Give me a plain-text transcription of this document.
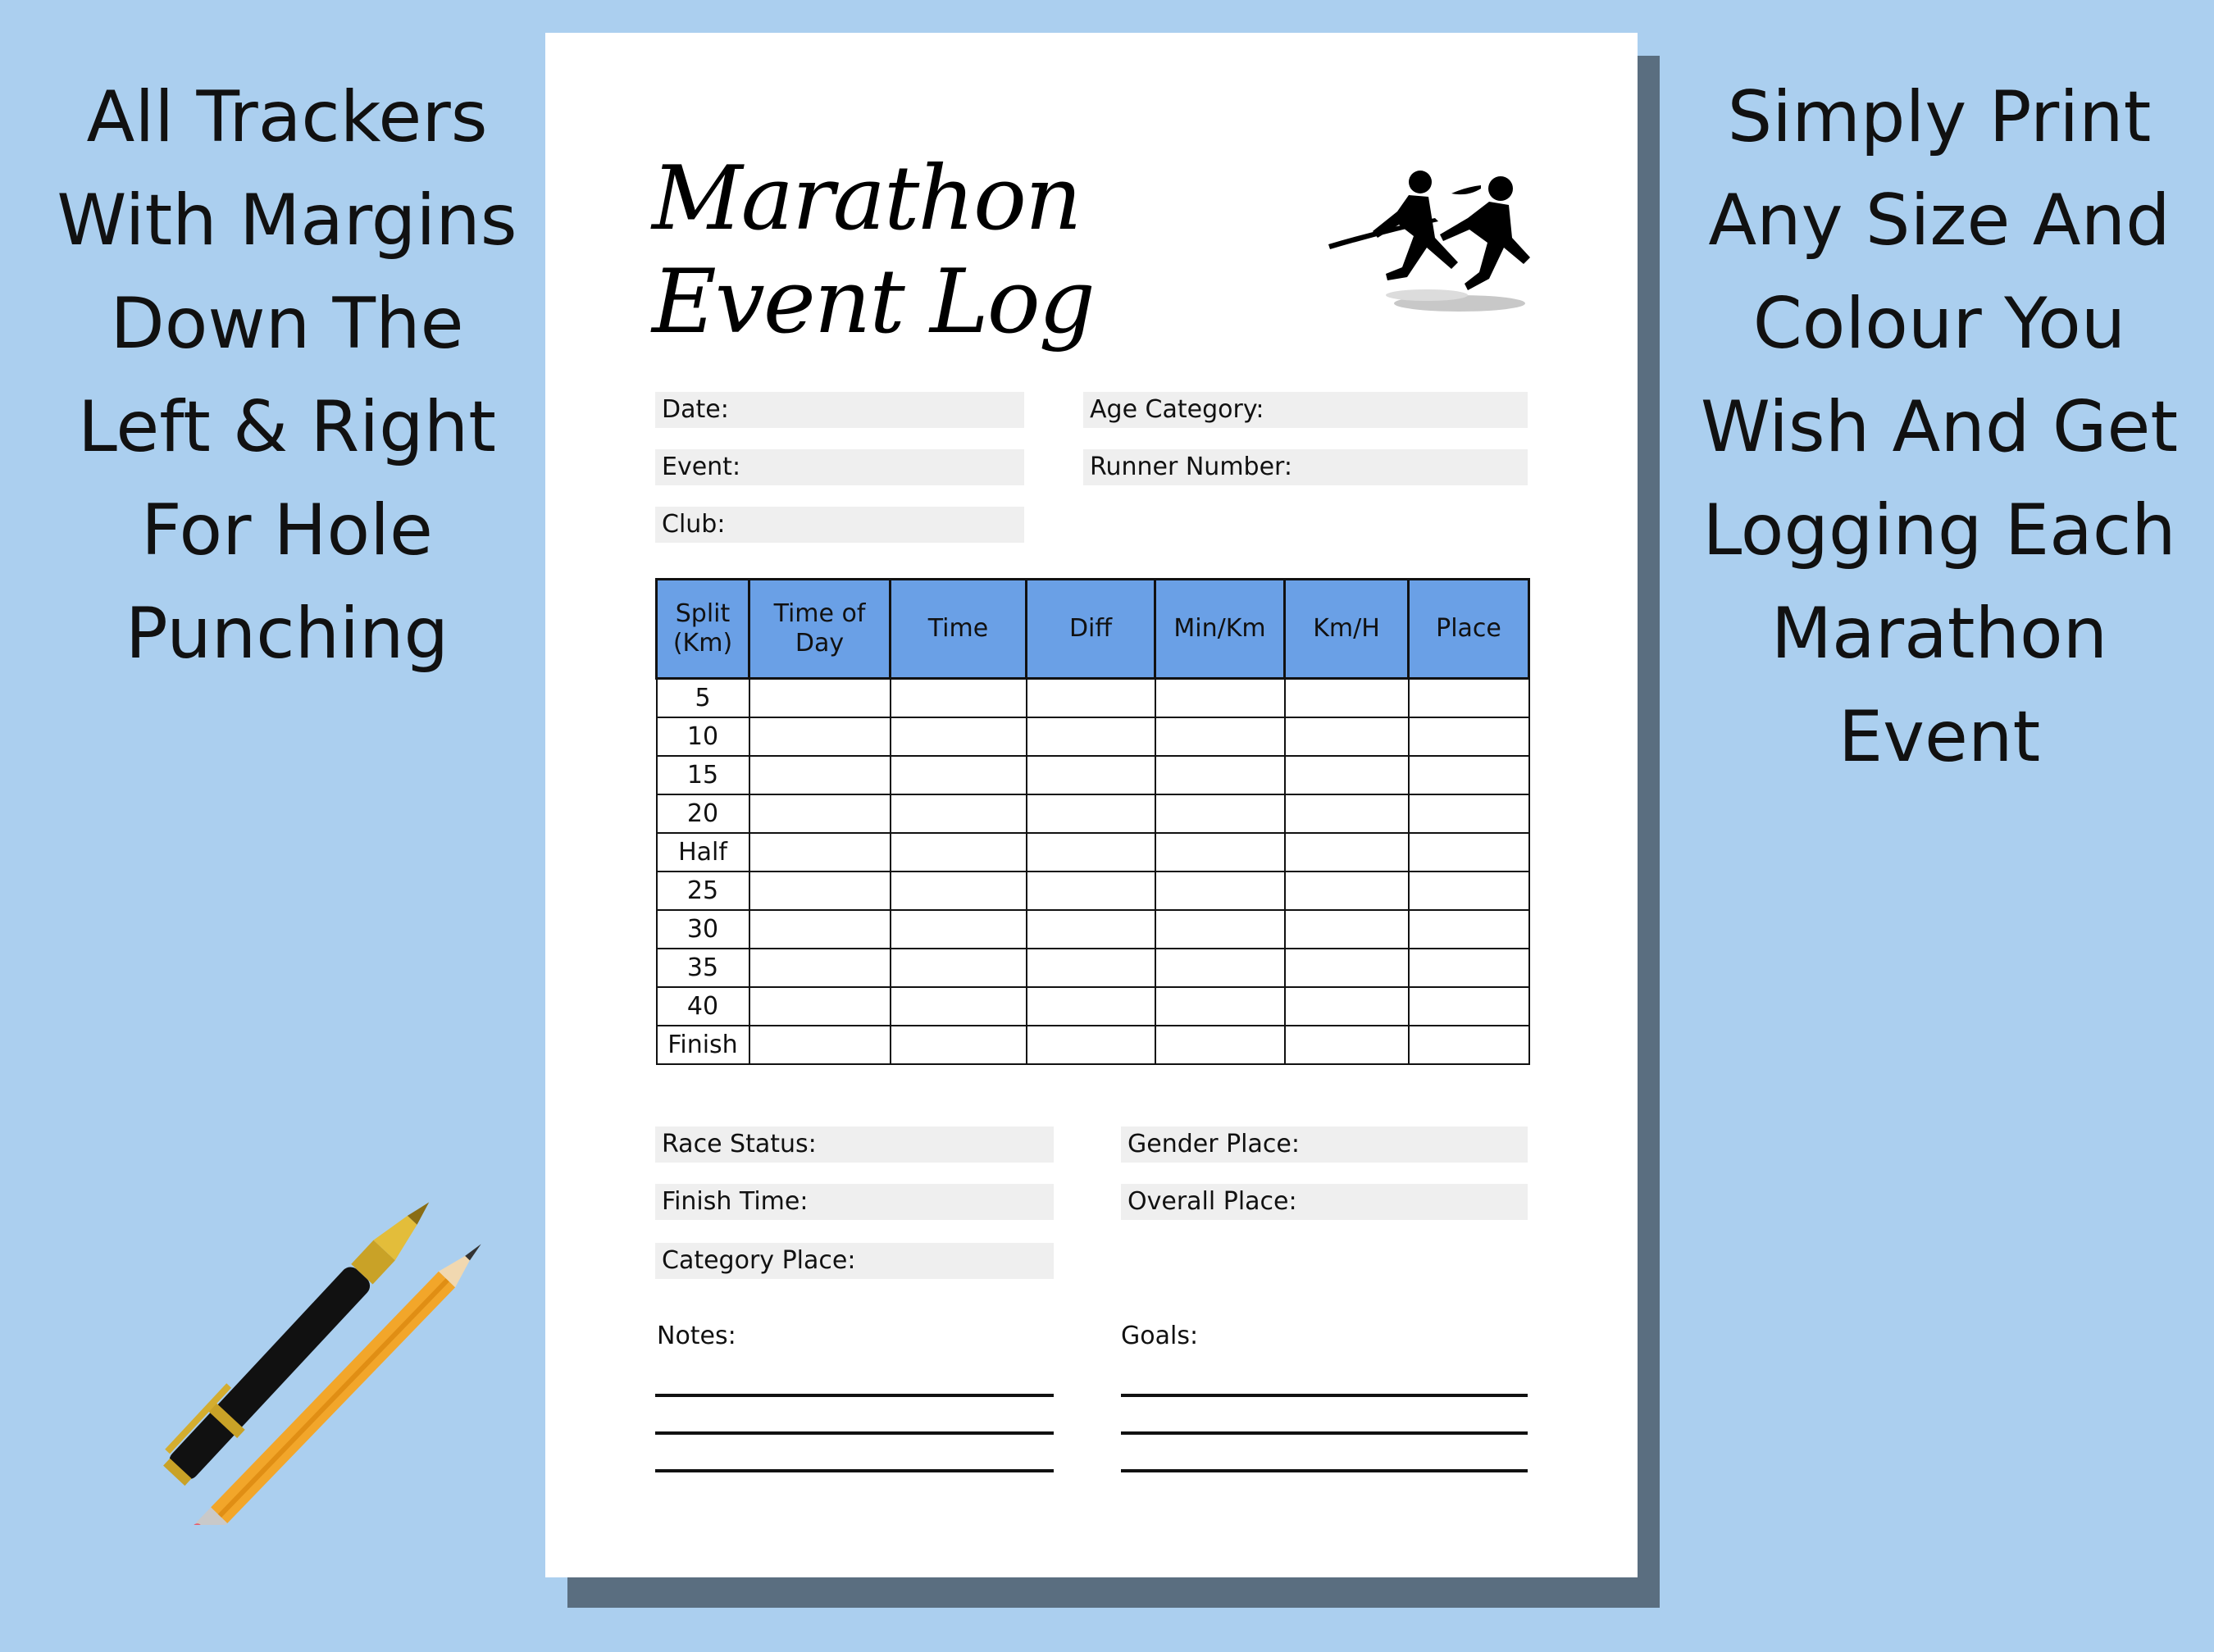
All Trackers
With Margins
Down The
Left & Right
For Hole
Punching
Simply Print
Any Size And
Colour You
Wish And Get
Logging Each
Marathon
Event
Marathon Event Log
Date:
Event:
Club:
Age Category:
Runner Number:
Split (Km)	Time of Day	Time	Diff	Min/Km	Km/H	Place
5						
10						
15						
20						
Half						
25						
30						
35						
40						
Finish						
Race Status:
Finish Time:
Category Place:
Gender Place:
Overall Place:
Notes:	Goals:
